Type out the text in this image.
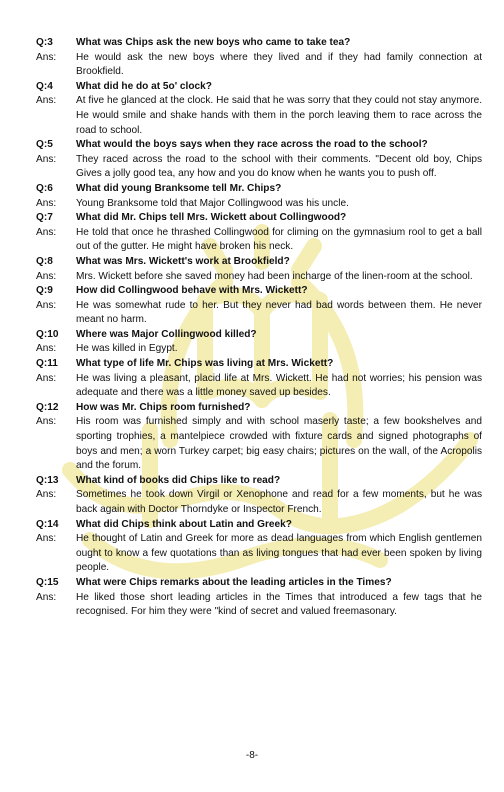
Q:3	What was Chips ask the new boys who came to take tea?
Ans:	He would ask the new boys where they lived and if they had family connection at Brookfield.
Q:4	What did he do at 5o' clock?
Ans:	At five he glanced at the clock. He said that he was sorry that they could not stay anymore. He would smile and shake hands with them in the porch leaving them to race across the road to school.
Q:5	What would the boys says when they race across the road to the school?
Ans:	They raced across the road to the school with their comments. "Decent old boy, Chips Gives a jolly good tea, any how and you do know when he wants you to push off.
Q:6	What did young Branksome tell Mr. Chips?
Ans:	Young Branksome told that Major Collingwood was his uncle.
Q:7	What did Mr. Chips tell Mrs. Wickett about Collingwood?
Ans:	He told that once he thrashed Collingwood for climing on the gymnasium rool to get a ball out of the gutter. He might have broken his neck.
Q:8	What was Mrs. Wickett's work at Brookfield?
Ans:	Mrs. Wickett before she saved money had been incharge of the linen-room at the school.
Q:9	How did Collingwood behave with Mrs. Wickett?
Ans:	He was somewhat rude to her. But they never had bad words between them. He never meant no harm.
Q:10	Where was Major Collingwood killed?
Ans:	He was killed in Egypt.
Q:11	What type of life Mr. Chips was living at Mrs. Wickett?
Ans:	He was living a pleasant, placid life at Mrs. Wickett. He had not worries; his pension was adequate and there was a little money saved up besides.
Q:12	How was Mr. Chips room furnished?
Ans:	His room was furnished simply and with school maserly taste; a few bookshelves and sporting trophies, a mantelpiece crowded with fixture cards and signed photographs of boys and men; a worn Turkey carpet; big easy chairs; pictures on the wall, of the Acropolis and the forum.
Q:13	What kind of books did Chips like to read?
Ans:	Sometimes he took down Virgil or Xenophone and read for a few moments, but he was back again with Doctor Thorndyke or Inspector French.
Q:14	What did Chips think about Latin and Greek?
Ans:	He thought of Latin and Greek for more as dead languages from which English gentlemen ought to know a few quotations than as living tongues that had ever been spoken by living people.
Q:15	What were Chips remarks about the leading articles in the Times?
Ans:	He liked those short leading articles in the Times that introduced a few tags that he recognised. For him they were "kind of secret and valued freemasonary.
-8-
